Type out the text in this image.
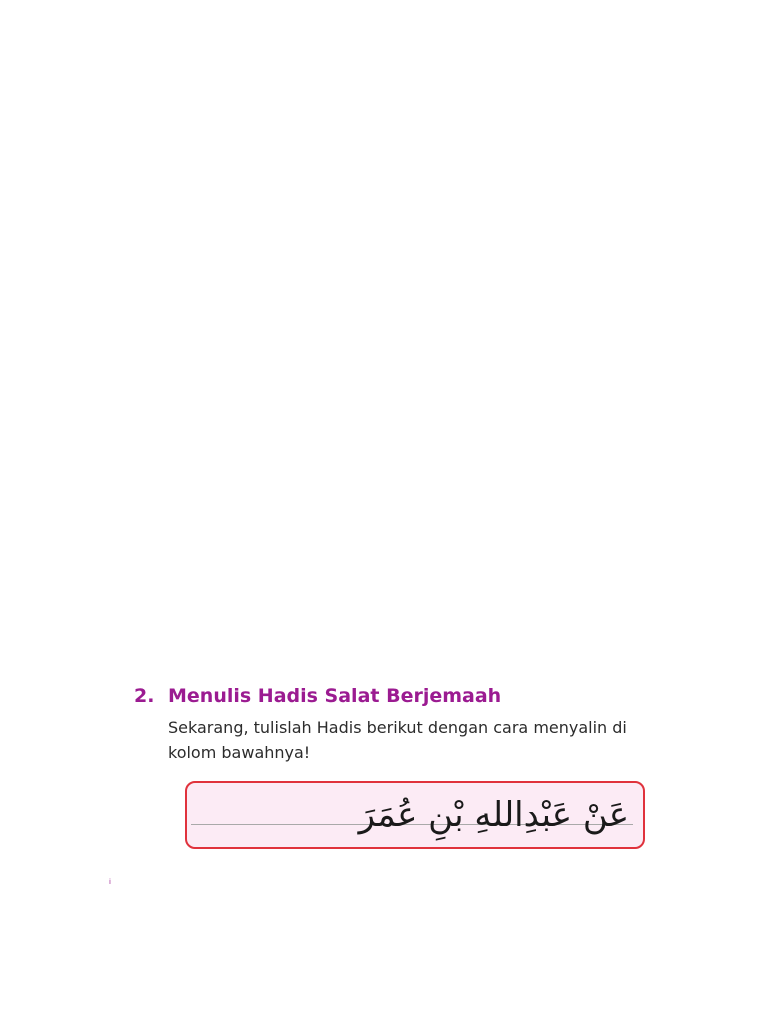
2. Menulis Hadis Salat Berjemaah

Sekarang, tulislah Hadis berikut dengan cara menyalin di kolom bawahnya!

عَنْ عَبْدِاللهِ بْنِ عُمَرَ
i
